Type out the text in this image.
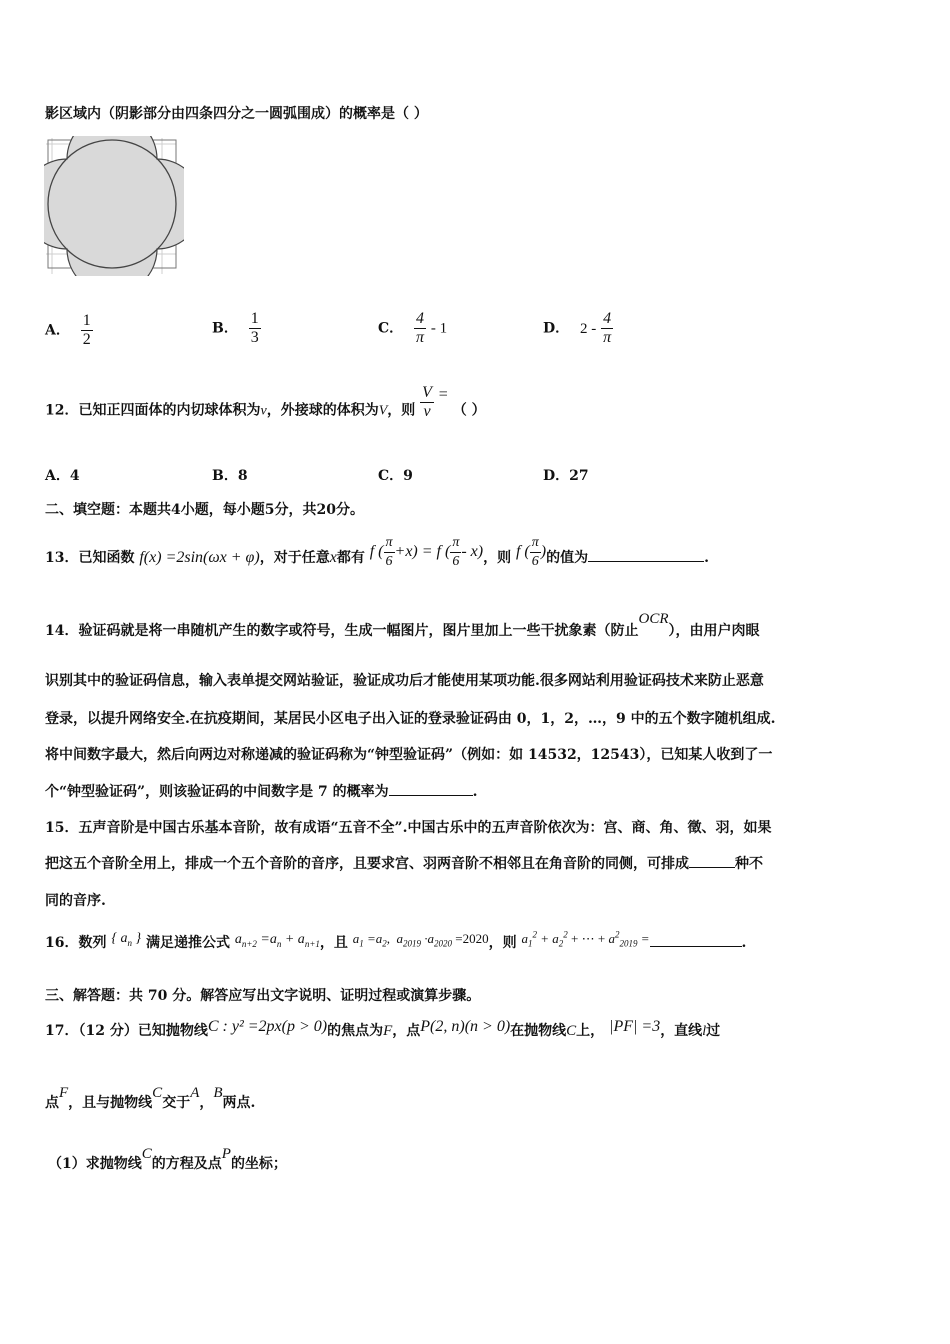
影区域内（阴影部分由四条四分之一圆弧围成）的概率是（ ）
A． $\frac{1}{2}$	B． $\frac{1}{3}$	C． $\frac{4}{\pi} - 1$	D． $2 - \frac{4}{\pi}$
12．已知正四面体的内切球体积为v，外接球的体积为V，则 $\frac{V}{v}$ = （ ）
A．4	B．8	C．9	D．27
二、填空题：本题共4小题，每小题5分，共20分。
13．已知函数 f(x) =2sin(ωx + φ)，对于任意x都有 f ( $\frac{\pi}{6} +x) = f$ ( $\frac{\pi}{6} - x$)，则 f ( $\frac{\pi}{6}$ )的值为	.
14．验证码就是将一串随机产生的数字或符号，生成一幅图片，图片里加上一些干扰象素（防止OCR），由用户肉眼
识别其中的验证码信息，输入表单提交网站验证，验证成功后才能使用某项功能.很多网站利用验证码技术来防止恶意
登录，以提升网络安全.在抗疫期间，某居民小区电子出入证的登录验证码由 0，1，2，…，9 中的五个数字随机组成.
将中间数字最大，然后向两边对称递减的验证码称为“钟型验证码”（例如：如 14532，12543），已知某人收到了一
个“钟型验证码”，则该验证码的中间数字是 7 的概率为	.
15．五声音阶是中国古乐基本音阶，故有成语“五音不全”.中国古乐中的五声音阶依次为：宫、商、角、徵、羽，如果
把这五个音阶全用上，排成一个五个音阶的音序，且要求宫、羽两音阶不相邻且在角音阶的同侧，可排成	种不
同的音序.
16．数列 { $a_n$ } 满足递推公式 $a_{n+2} =a_n + a_{n+1}$，且 $a_1 =a_2$,  $a_{2019} \cdot a_{2020} =2020$，则 $a_1^2 + a_2^2$ + ⋯ + $a^2_{2019}$ =	.
三、解答题：共 70 分。解答应写出文字说明、证明过程或演算步骤。
17．（12 分）已知抛物线C : y² =2px(p > 0)的焦点为F，点P(2, n)(n > 0)在抛物线C上， |PF| =3，直线l过
点F，且与抛物线C交于A，B两点.
（1）求抛物线C的方程及点P的坐标；
